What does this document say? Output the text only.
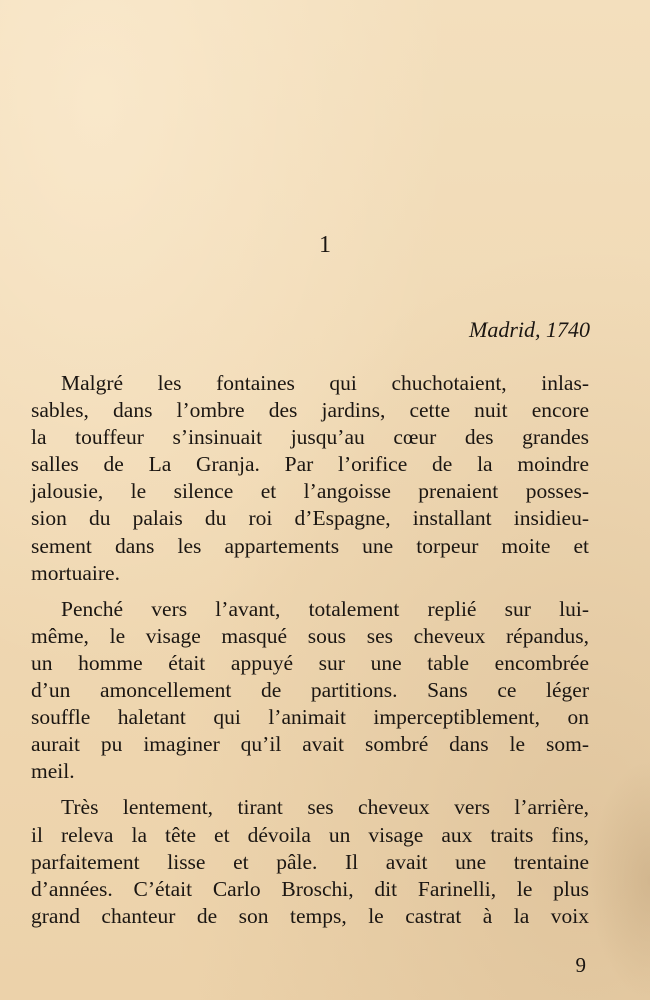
1
Madrid, 1740

Malgré les fontaines qui chuchotaient, inlas-
sables, dans l’ombre des jardins, cette nuit encore
la touffeur s’insinuait jusqu’au cœur des grandes
salles de La Granja. Par l’orifice de la moindre
jalousie, le silence et l’angoisse prenaient posses-
sion du palais du roi d’Espagne, installant insidieu-
sement dans les appartements une torpeur moite et
mortuaire.

Penché vers l’avant, totalement replié sur lui-
même, le visage masqué sous ses cheveux répandus,
un homme était appuyé sur une table encombrée
d’un amoncellement de partitions. Sans ce léger
souffle haletant qui l’animait imperceptiblement, on
aurait pu imaginer qu’il avait sombré dans le som-
meil.

Très lentement, tirant ses cheveux vers l’arrière,
il releva la tête et dévoila un visage aux traits fins,
parfaitement lisse et pâle. Il avait une trentaine
d’années. C’était Carlo Broschi, dit Farinelli, le plus
grand chanteur de son temps, le castrat à la voix

9
